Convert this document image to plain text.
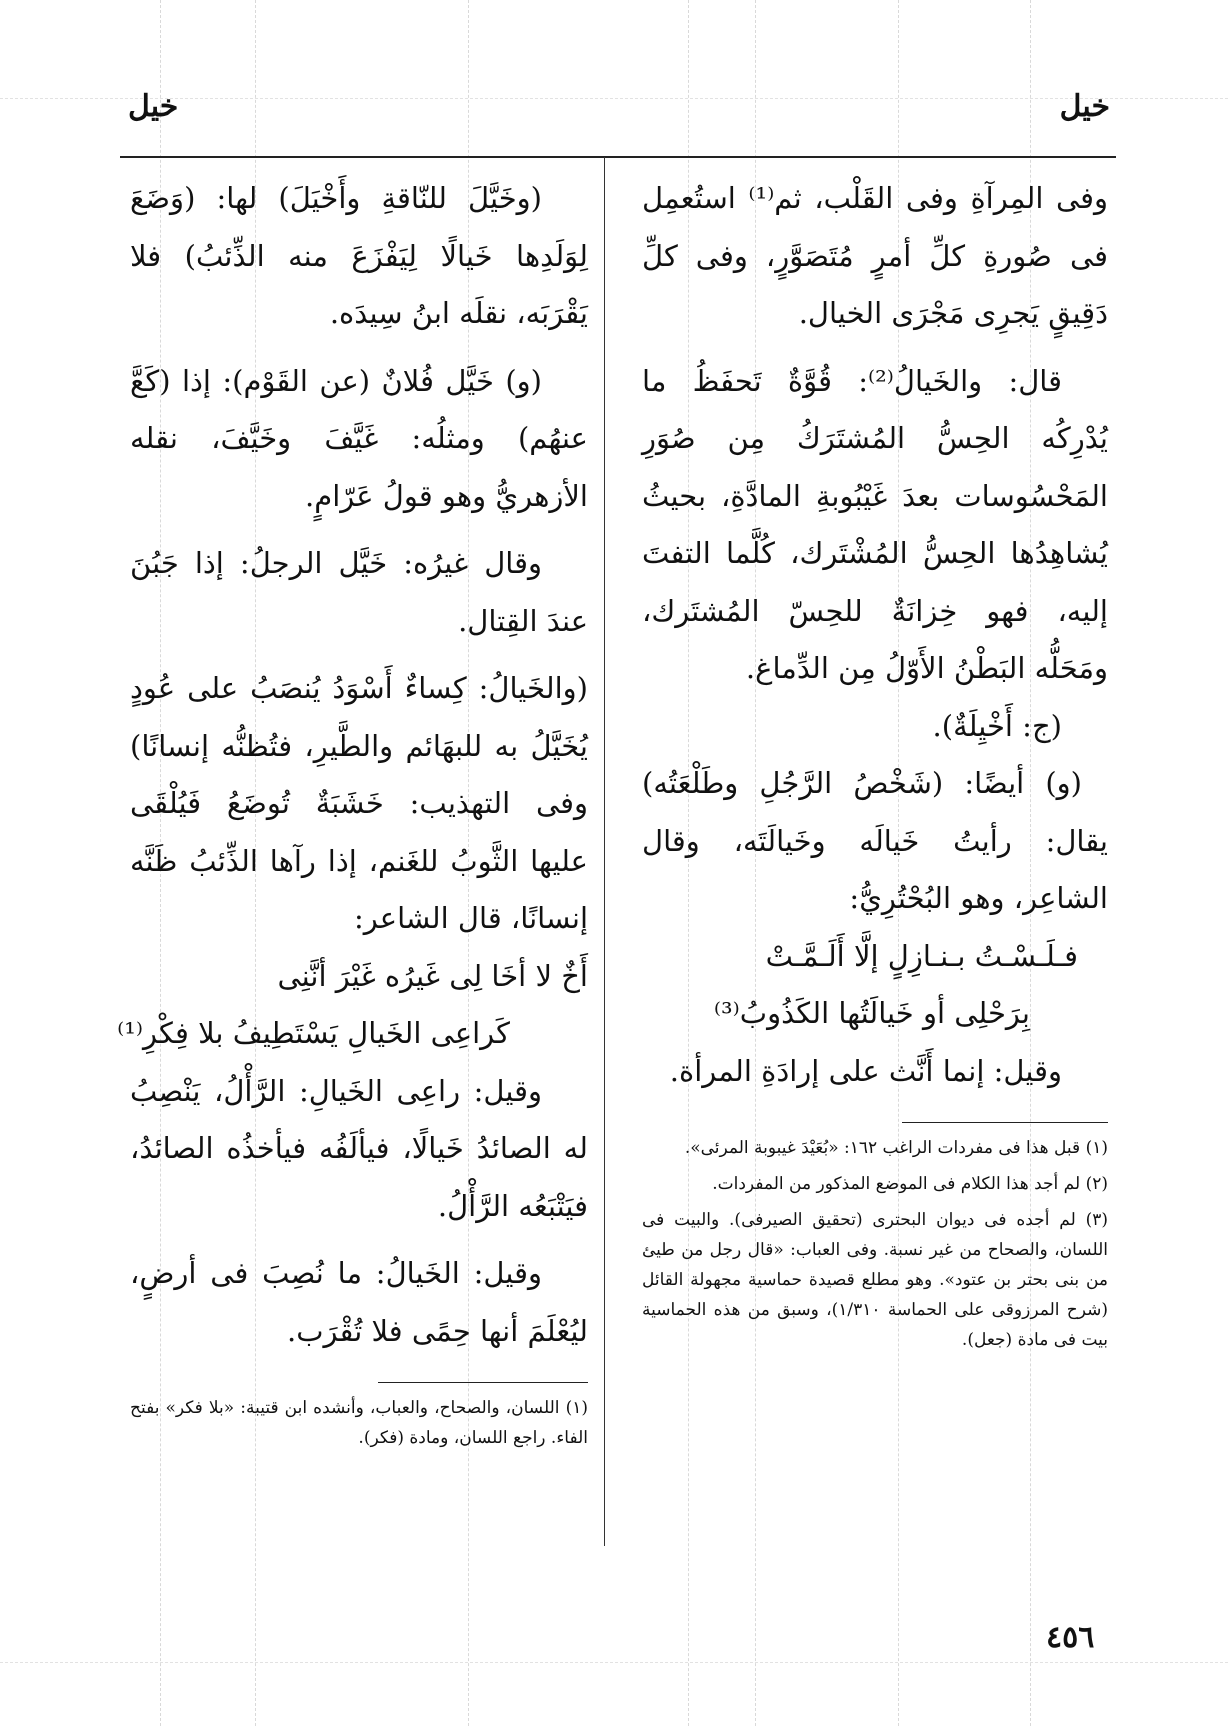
خيل
خيل

وفى المِرآةِ وفى القَلْب، ثم⁽¹⁾ استُعمِل فى صُورةِ كلِّ أمرٍ مُتَصَوَّرٍ، وفى كلِّ دَقِيقٍ يَجرِى مَجْرَى الخيال.

قال: والخَيالُ⁽²⁾: قُوَّةٌ تَحفَظُ ما يُدْرِكُه الحِسُّ المُشتَرَكُ مِن صُوَرِ المَحْسُوسات بعدَ غَيْبُوبةِ المادَّةِ، بحيثُ يُشاهِدُها الحِسُّ المُشْتَرك، كُلَّما التفتَ إليه، فهو خِزانَةٌ للحِسّ المُشتَرك، ومَحَلُّه البَطْنُ الأَوّلُ مِن الدِّماغ.

(ج: أَخْيِلَةٌ).

(و) أيضًا: (شَخْصُ الرَّجُلِ وطَلْعَتُه) يقال: رأيتُ خَيالَه وخَيالَتَه، وقال الشاعِر، وهو البُحْتُرِيُّ:

فـلَـسْـتُ بـنـازِلٍ إلَّا أَلَـمَّـتْ
بِرَحْلِى أو خَيالَتُها الكَذُوبُ⁽³⁾

وقيل: إنما أَنَّث على إرادَةِ المرأة.

(١) قبل هذا فى مفردات الراغب ١٦٢: «بُعَيْدَ غيبوبة المرئى».

(٢) لم أجد هذا الكلام فى الموضع المذكور من المفردات.

(٣) لم أجده فى ديوان البحترى (تحقيق الصيرفى). والبيت فى اللسان، والصحاح من غير نسبة. وفى العباب: «قال رجل من طيئ من بنى بحتر بن عتود». وهو مطلع قصيدة حماسية مجهولة القائل (شرح المرزوقى على الحماسة ١/٣١٠)، وسبق من هذه الحماسية بيت فى مادة (جعل).

(وخَيَّلَ للنّاقةِ وأَخْيَلَ) لها: (وَضَعَ لِوَلَدِها خَيالًا لِيَفْزَعَ منه الذِّئبُ) فلا يَقْرَبَه، نقلَه ابنُ سِيدَه.

(و) خَيَّل فُلانٌ (عن القَوْم): إذا (كَعَّ عنهُم) ومثلُه: غَيَّفَ وخَيَّفَ، نقله الأزهريُّ وهو قولُ عَرّامٍ.

وقال غيرُه: خَيَّل الرجلُ: إذا جَبُنَ عندَ القِتال.

(والخَيالُ: كِساءٌ أَسْوَدُ يُنصَبُ على عُودٍ يُخَيَّلُ به للبهَائم والطَّيرِ، فتُظنُّه إنسانًا) وفى التهذيب: خَشَبَةٌ تُوضَعُ فَيُلْقَى عليها الثَّوبُ للغَنم، إذا رآها الذِّئبُ ظَنَّه إنسانًا، قال الشاعر:

أَخٌ لا أخَا لِى غَيرُه غَيْرَ أنَّنِى
كَراعِى الخَيالِ يَسْتَطِيفُ بلا فِكْرِ⁽¹⁾

وقيل: راعِى الخَيالِ: الرَّأْلُ، يَنْصِبُ له الصائدُ خَيالًا، فيألَفُه فيأخذُه الصائدُ، فيَتْبَعُه الرَّأْلُ.

وقيل: الخَيالُ: ما نُصِبَ فى أرضٍ، ليُعْلَمَ أنها حِمًى فلا تُقْرَب.

(١) اللسان، والصحاح، والعباب، وأنشده ابن قتيبة: «بلا فكر» بفتح الفاء. راجع اللسان، ومادة (فكر).

٤٥٦
